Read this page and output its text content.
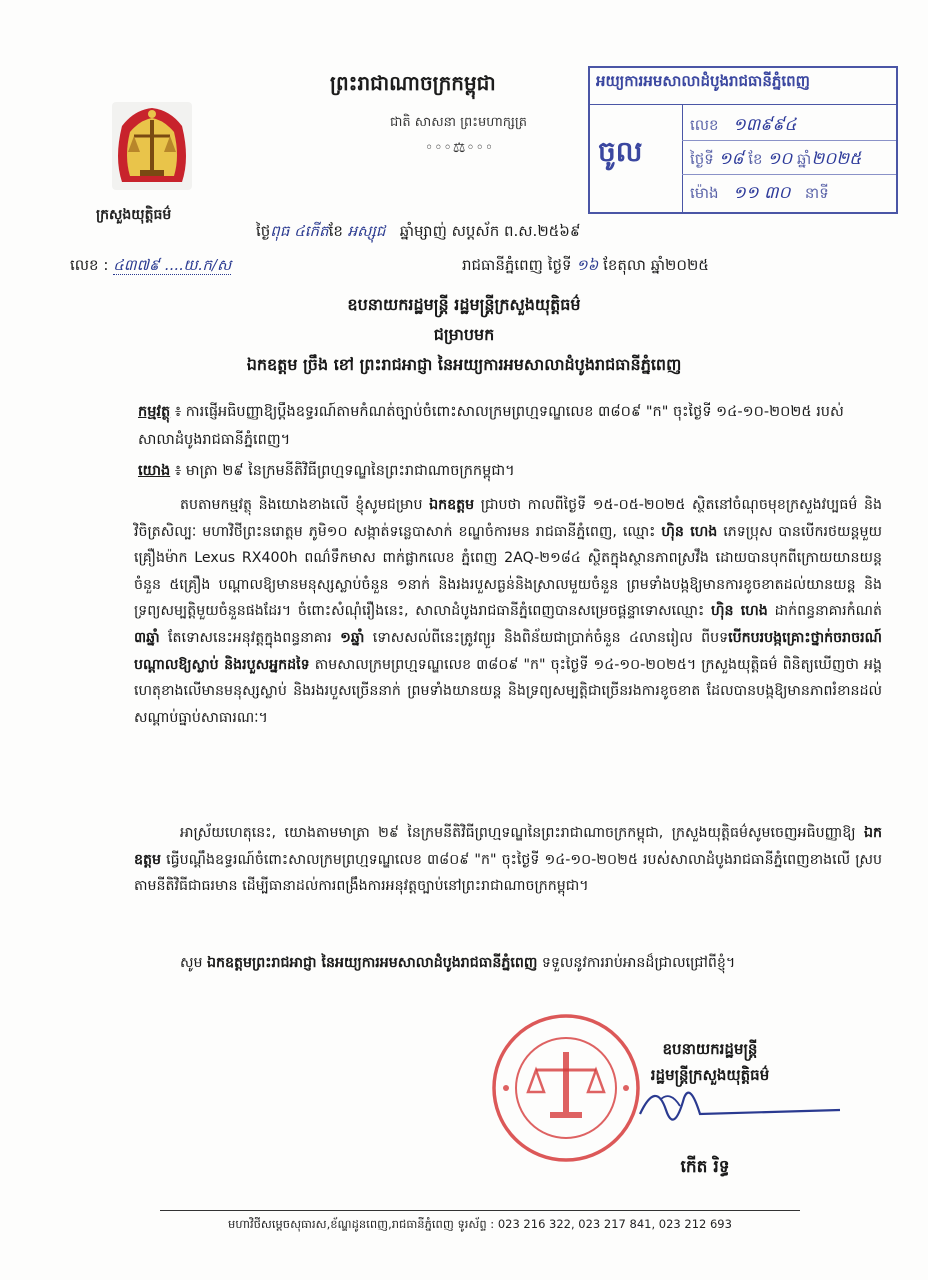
ក្រសួងយុត្តិធម៌
ព្រះរាជាណាចក្រកម្ពុជា
ជាតិ សាសនា ព្រះមហាក្សត្រ
◦◦◦⚖◦◦◦
អយ្យការអមសាលាដំបូងរាជធានីភ្នំពេញ
ចូល
លេខ ១៣៩៩៤
ថ្ងៃទី ១៨ ខែ ១០ ឆ្នាំ២០២៥
ម៉ោង ១១ ៣០ នាទី
ថ្ងៃពុធ ៤កើតខែ អស្សុជ ឆ្នាំម្សាញ់ សប្តស័ក ព.ស.២៥៦៩
លេខ : ៤៣៧៩ ....យ.ក/ស	រាជធានីភ្នំពេញ ថ្ងៃទី ១៦ ខែតុលា ឆ្នាំ២០២៥
ឧបនាយករដ្ឋមន្ត្រី រដ្ឋមន្ត្រីក្រសួងយុត្តិធម៌
ជម្រាបមក
ឯកឧត្តម ច្រឹង ខៅ ព្រះរាជអាជ្ញា នៃអយ្យការអមសាលាដំបូងរាជធានីភ្នំពេញ
កម្មវត្ថុ ៖ ការផ្ញើអធិបញ្ញាឱ្យប្តឹងឧទ្ធរណ៍តាមកំណត់ច្បាប់ចំពោះសាលក្រមព្រហ្មទណ្ឌលេខ ៣៨០៩ "ក" ចុះថ្ងៃទី ១៤-១០-២០២៥ របស់សាលាដំបូងរាជធានីភ្នំពេញ។
យោង ៖ មាត្រា ២៩ នៃក្រមនីតិវិធីព្រហ្មទណ្ឌនៃព្រះរាជាណាចក្រកម្ពុជា។
តបតាមកម្មវត្ថុ និងយោងខាងលើ ខ្ញុំសូមជម្រាប ឯកឧត្តម ជ្រាបថា កាលពីថ្ងៃទី ១៥-០៥-២០២៥ ស្ថិតនៅចំណុចមុខក្រសួងវប្បធម៌ និងវិចិត្រសិល្បៈ មហាវិថីព្រះនរោត្តម ភូមិ១០ សង្កាត់ទន្លេបាសាក់ ខណ្ឌចំការមន រាជធានីភ្នំពេញ, ឈ្មោះ ហ៊ិន ហេង ភេទប្រុស បានបើករថយន្តមួយគ្រឿងម៉ាក Lexus RX400h ពណ៌ទឹកមាស ពាក់ផ្លាកលេខ ភ្នំពេញ 2AQ-២១៨៤ ស្ថិតក្នុងស្ថានភាពស្រវឹង ដោយបានបុកពីក្រោយយានយន្តចំនួន ៥គ្រឿង បណ្តាលឱ្យមានមនុស្សស្លាប់ចំនួន ១នាក់ និងរងរបួសធ្ងន់និងស្រាលមួយចំនួន ព្រមទាំងបង្កឱ្យមានការខូចខាតដល់យានយន្ត និងទ្រព្យសម្បត្តិមួយចំនួនផងដែរ។ ចំពោះសំណុំរឿងនេះ, សាលាដំបូងរាជធានីភ្នំពេញបានសម្រេចផ្តន្ទាទោសឈ្មោះ ហ៊ិន ហេង ដាក់ពន្ធនាគារកំណត់ ៣ឆ្នាំ តែទោសនេះអនុវត្តក្នុងពន្ធនាគារ ១ឆ្នាំ ទោសសល់ពីនេះត្រូវព្យួរ និងពិន័យជាប្រាក់ចំនួន ៤លានរៀល ពីបទបើកបរបង្កគ្រោះថ្នាក់ចរាចរណ៍ បណ្តាលឱ្យស្លាប់ និងរបួសអ្នកដទៃ តាមសាលក្រមព្រហ្មទណ្ឌលេខ ៣៨០៩ "ក" ចុះថ្ងៃទី ១៤-១០-២០២៥។ ក្រសួងយុត្តិធម៌ ពិនិត្យឃើញថា អង្គហេតុខាងលើមានមនុស្សស្លាប់ និងរងរបួសច្រើននាក់ ព្រមទាំងយានយន្ត និងទ្រព្យសម្បត្តិជាច្រើនរងការខូចខាត ដែលបានបង្កឱ្យមានភាពរំខានដល់សណ្តាប់ធ្នាប់សាធារណៈ។
អាស្រ័យហេតុនេះ, យោងតាមមាត្រា ២៩ នៃក្រមនីតិវិធីព្រហ្មទណ្ឌនៃព្រះរាជាណាចក្រកម្ពុជា, ក្រសួងយុត្តិធម៌សូមចេញអធិបញ្ញាឱ្យ ឯកឧត្តម ធ្វើបណ្តឹងឧទ្ធរណ៍ចំពោះសាលក្រមព្រហ្មទណ្ឌលេខ ៣៨០៩ "ក" ចុះថ្ងៃទី ១៤-១០-២០២៥ របស់សាលាដំបូងរាជធានីភ្នំពេញខាងលើ ស្របតាមនីតិវិធីជាធរមាន ដើម្បីធានាដល់ការពង្រឹងការអនុវត្តច្បាប់នៅព្រះរាជាណាចក្រកម្ពុជា។
សូម ឯកឧត្តមព្រះរាជអាជ្ញា នៃអយ្យការអមសាលាដំបូងរាជធានីភ្នំពេញ ទទួលនូវការរាប់អានដ៏ជ្រាលជ្រៅពីខ្ញុំ។
ឧបនាយករដ្ឋមន្ត្រី
រដ្ឋមន្ត្រីក្រសួងយុត្តិធម៌
កើត រិទ្ធ
មហាវិថីសម្តេចសុធារស,ខ័ណ្ឌដូនពេញ,រាជធានីភ្នំពេញ ទូរស័ព្ទ : 023 216 322, 023 217 841, 023 212 693
